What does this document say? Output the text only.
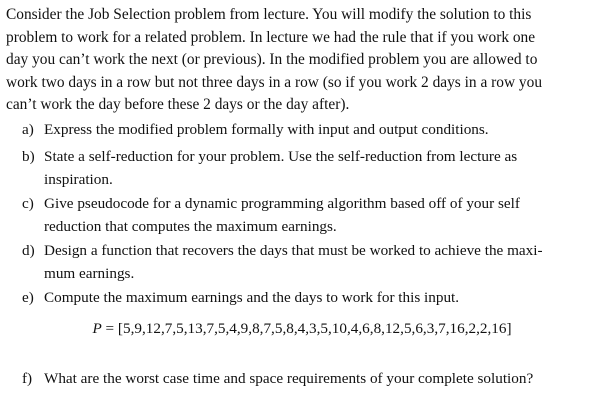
Consider the Job Selection problem from lecture. You will modify the solution to this
problem to work for a related problem. In lecture we had the rule that if you work one
day you can’t work the next (or previous). In the modified problem you are allowed to
work two days in a row but not three days in a row (so if you work 2 days in a row you
can’t work the day before these 2 days or the day after).
a) Express the modified problem formally with input and output conditions.
b) State a self-reduction for your problem. Use the self-reduction from lecture as
inspiration.
c) Give pseudocode for a dynamic programming algorithm based off of your self
reduction that computes the maximum earnings.
d) Design a function that recovers the days that must be worked to achieve the maxi-
mum earnings.
e) Compute the maximum earnings and the days to work for this input.
f) What are the worst case time and space requirements of your complete solution?
P = [5,9,12,7,5,13,7,5,4,9,8,7,5,8,4,3,5,10,4,6,8,12,5,6,3,7,16,2,2,16]
